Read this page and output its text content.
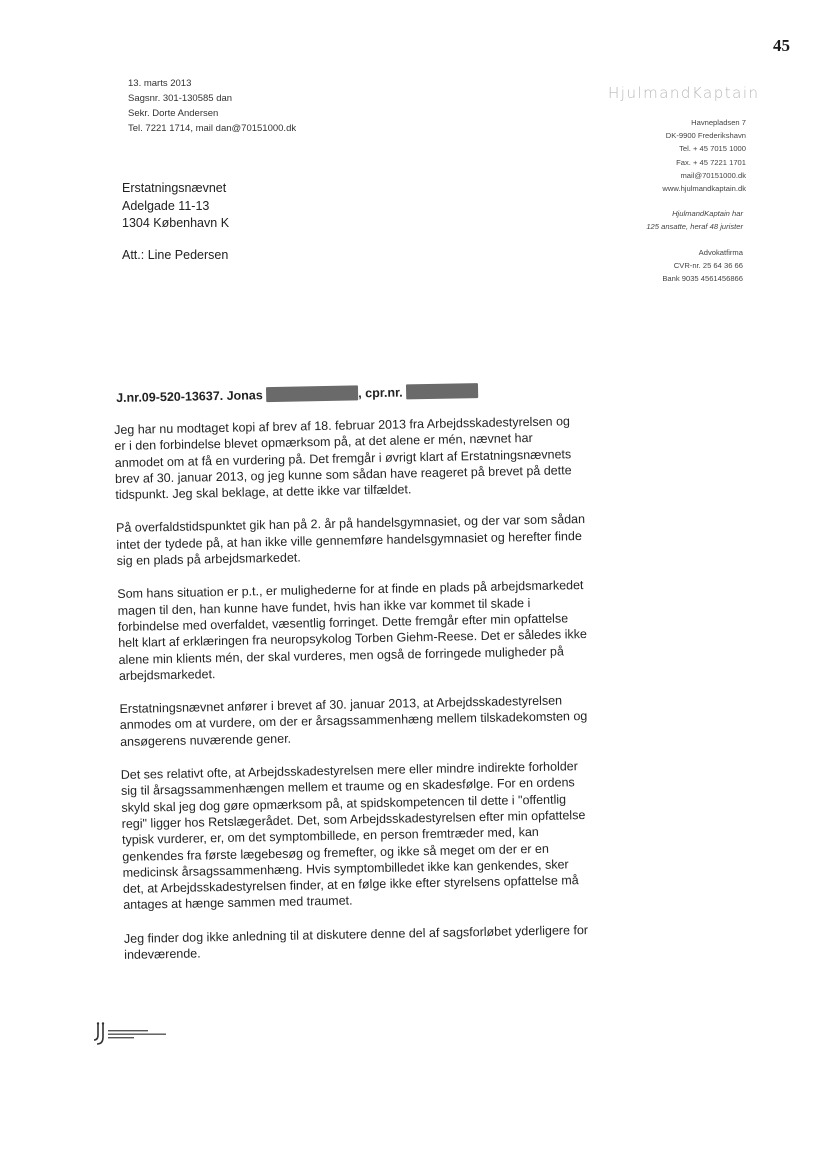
45
13. marts 2013
Sagsnr. 301-130585 dan
Sekr. Dorte Andersen
Tel. 7221 1714, mail dan@70151000.dk
HjulmandKaptain
Havnepladsen 7
DK-9900 Frederikshavn
Tel. + 45 7015 1000
Fax. + 45 7221 1701
mail@70151000.dk
www.hjulmandkaptain.dk
HjulmandKaptain har
125 ansatte, heraf 48 jurister
Advokatfirma
CVR-nr. 25 64 36 66
Bank 9035 4561456866
Erstatningsnævnet
Adelgade 11-13
1304 København K
Att.: Line Pedersen
J.nr.09-520-13637. Jonas	, cpr.nr.

Jeg har nu modtaget kopi af brev af 18. februar 2013 fra Arbejdsskadestyrelsen og er i den forbindelse blevet opmærksom på, at det alene er mén, nævnet har anmodet om at få en vurdering på. Det fremgår i øvrigt klart af Erstatningsnævnets brev af 30. januar 2013, og jeg kunne som sådan have reageret på brevet på dette tidspunkt. Jeg skal beklage, at dette ikke var tilfældet.

På overfaldstidspunktet gik han på 2. år på handelsgymnasiet, og der var som sådan intet der tydede på, at han ikke ville gennemføre handelsgymnasiet og herefter finde sig en plads på arbejdsmarkedet.

Som hans situation er p.t., er mulighederne for at finde en plads på arbejdsmarkedet magen til den, han kunne have fundet, hvis han ikke var kommet til skade i forbindelse med overfaldet, væsentlig forringet. Dette fremgår efter min opfattelse helt klart af erklæringen fra neuropsykolog Torben Giehm-Reese. Det er således ikke alene min klients mén, der skal vurderes, men også de forringede muligheder på arbejdsmarkedet.

Erstatningsnævnet anfører i brevet af 30. januar 2013, at Arbejdsskadestyrelsen anmodes om at vurdere, om der er årsagssammenhæng mellem tilskadekomsten og ansøgerens nuværende gener.

Det ses relativt ofte, at Arbejdsskadestyrelsen mere eller mindre indirekte forholder sig til årsagssammenhængen mellem et traume og en skadesfølge. For en ordens skyld skal jeg dog gøre opmærksom på, at spidskompetencen til dette i "offentlig regi" ligger hos Retslægerådet. Det, som Arbejdsskadestyrelsen efter min opfattelse typisk vurderer, er, om det symptombillede, en person fremtræder med, kan genkendes fra første lægebesøg og fremefter, og ikke så meget om der er en medicinsk årsagssammenhæng. Hvis symptombilledet ikke kan genkendes, sker det, at Arbejdsskadestyrelsen finder, at en følge ikke efter styrelsens opfattelse må antages at hænge sammen med traumet.

Jeg finder dog ikke anledning til at diskutere denne del af sagsforløbet yderligere for indeværende.
